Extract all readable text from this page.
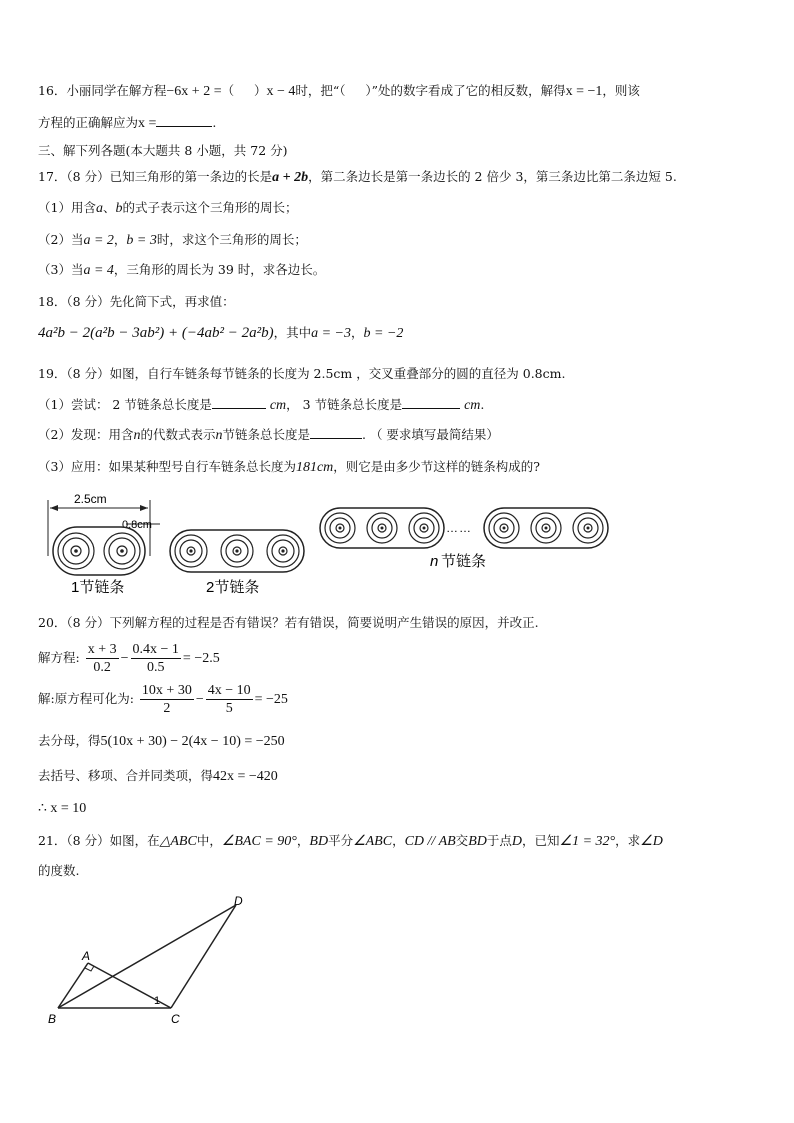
16．小丽同学在解方程−6x + 2 =（ ）x − 4时，把“（ ）”处的数字看成了它的相反数，解得x = −1，则该
方程的正确解应为x =	.
三、解下列各题(本大题共 8 小题，共 72 分)
17．（8 分）已知三角形的第一条边的长是a + 2b，第二条边长是第一条边长的 2 倍少 3，第三条边比第二条边短 5.
（1）用含a、b的式子表示这个三角形的周长；
（2）当a = 2，b = 3时，求这个三角形的周长；
（3）当a = 4，三角形的周长为 39 时，求各边长。
18．（8 分）先化简下式，再求值：
4a²b − 2(a²b − 3ab²) + (−4ab² − 2a²b)，其中a = −3，b = −2
19．（8 分）如图，自行车链条每节链条的长度为 2.5cm ，交叉重叠部分的圆的直径为 0.8cm.
（1）尝试： 2 节链条总长度是	cm， 3 节链条总长度是	cm.
（2）发现：用含n的代数式表示n节链条总长度是	. （ 要求填写最简结果）
（3）应用：如果某种型号自行车链条总长度为181cm，则它是由多少节这样的链条构成的?
2.5cm
0.8cm
1节链条	2节链条
……
n 节链条
20．（8 分）下列解方程的过程是否有错误？若有错误，简要说明产生错误的原因，并改正.
解方程: $\frac{x + 3}{0.2} - \frac{0.4x - 1}{0.5} = -2.5$
解:原方程可化为: $\frac{10x + 30}{2} - \frac{4x - 10}{5} = -25$
去分母，得5(10x + 30) − 2(4x − 10) = −250
去括号、移项、合并同类项，得42x = −420
∴ x = 10
21．（8 分）如图，在△ABC中，∠BAC = 90°，BD平分∠ABC，CD // AB交BD于点D，已知∠1 = 32°，求∠D
的度数.
A
B	C
D
1
